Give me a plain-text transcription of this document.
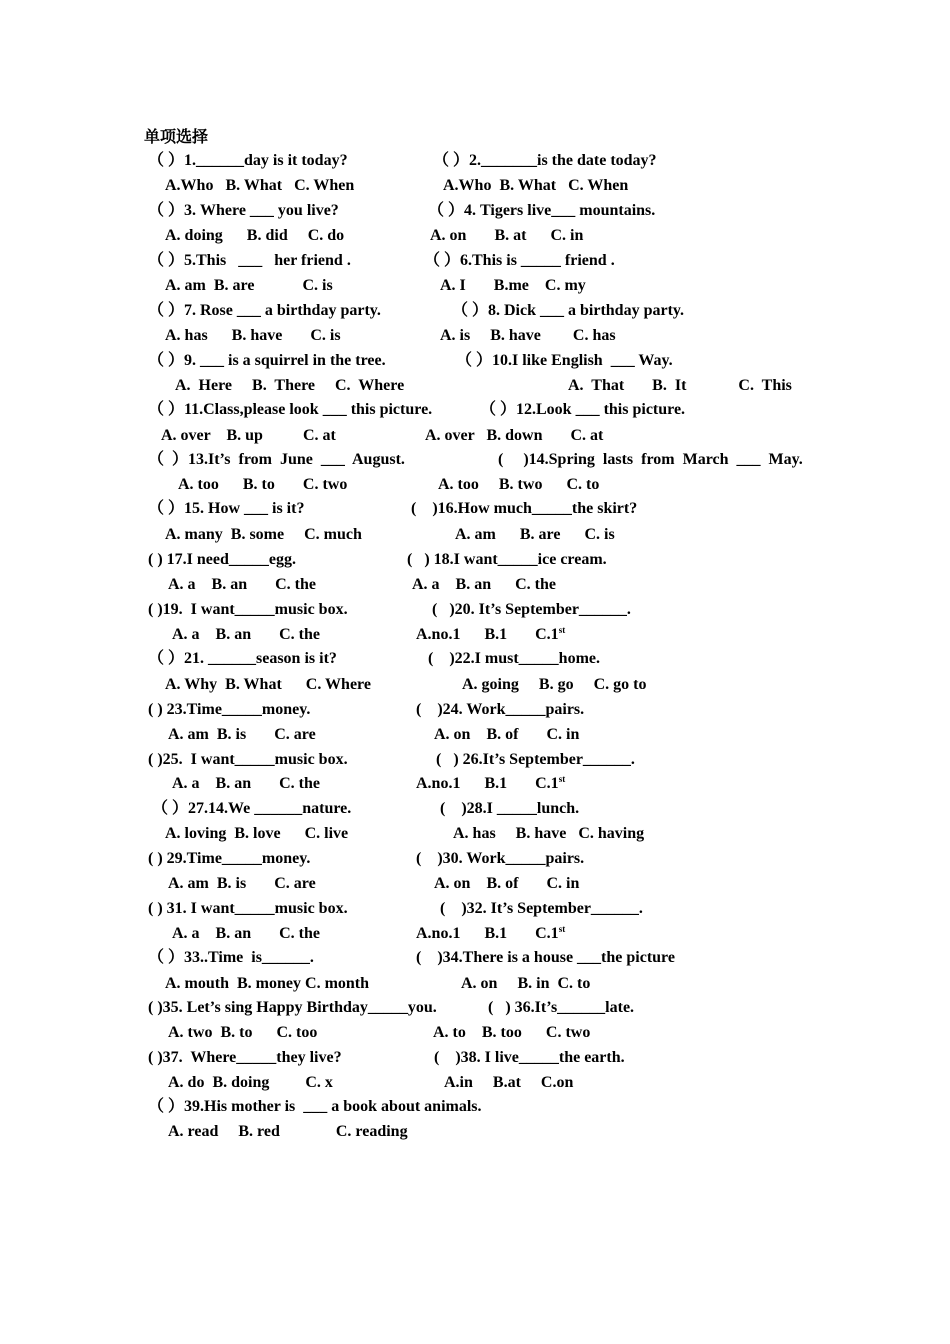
单项选择
（ ）1.______day is it today?	（ ）2._______is the date today?
A.Who   B. What   C. When	A.Who  B. What   C. When
（ ）3. Where ___ you live?	（ ）4. Tigers live___ mountains.
A. doing      B. did     C. do	A. on       B. at      C. in
（ ）5.This   ___   her friend .	（ ）6.This is _____ friend .
A. am  B. are            C. is	A. I       B.me    C. my
（ ）7. Rose ___ a birthday party.	（ ）8. Dick ___ a birthday party.
A. has      B. have       C. is	A. is     B. have        C. has
（ ）9. ___ is a squirrel in the tree.	（ ）10.I like English  ___ Way.
A.  Here     B.  There     C.  Where	A.  That       B.  It             C.  This
（ ）11.Class,please look ___ this picture.	（ ）12.Look ___ this picture.
A. over    B. up          C. at	A. over   B. down       C. at
（  ）13.It’s  from  June  ___  August.	(     )14.Spring  lasts  from  March  ___  May.
A. too      B. to       C. two	A. too     B. two      C. to
（ ）15. How ___ is it?	(    )16.How much_____the skirt?
A. many  B. some     C. much	A. am      B. are      C. is
( ) 17.I need_____egg.	(   ) 18.I want_____ice cream.
A. a    B. an       C. the	A. a    B. an      C. the
( )19.  I want_____music box.	(   )20. It’s September______.
A. a    B. an       C. the	A.no.1      B.1       C.1st
（ ）21. ______season is it?	(    )22.I must_____home.
A. Why  B. What      C. Where	A. going     B. go     C. go to
( ) 23.Time_____money.	(    )24. Work_____pairs.
A. am  B. is       C. are	A. on    B. of       C. in
( )25.  I want_____music box.	(   ) 26.It’s September______.
A. a    B. an       C. the	A.no.1      B.1       C.1st
（ ）27.14.We ______nature.	(    )28.I _____lunch.
A. loving  B. love      C. live	A. has     B. have   C. having
( ) 29.Time_____money.	(    )30. Work_____pairs.
A. am  B. is       C. are	A. on    B. of       C. in
( ) 31. I want_____music box.	(    )32. It’s September______.
A. a    B. an       C. the	A.no.1      B.1       C.1st
（ ）33..Time  is______.	(    )34.There is a house ___the picture
A. mouth  B. money C. month	A. on     B. in  C. to
( )35. Let’s sing Happy Birthday_____you.	(   ) 36.It’s______late.
A. two  B. to      C. too	A. to    B. too      C. two
( )37.  Where_____they live?	(    )38. I live_____the earth.
A. do  B. doing         C. x	A.in     B.at     C.on
（ ）39.His mother is  ___ a book about animals.
A. read     B. red              C. reading
